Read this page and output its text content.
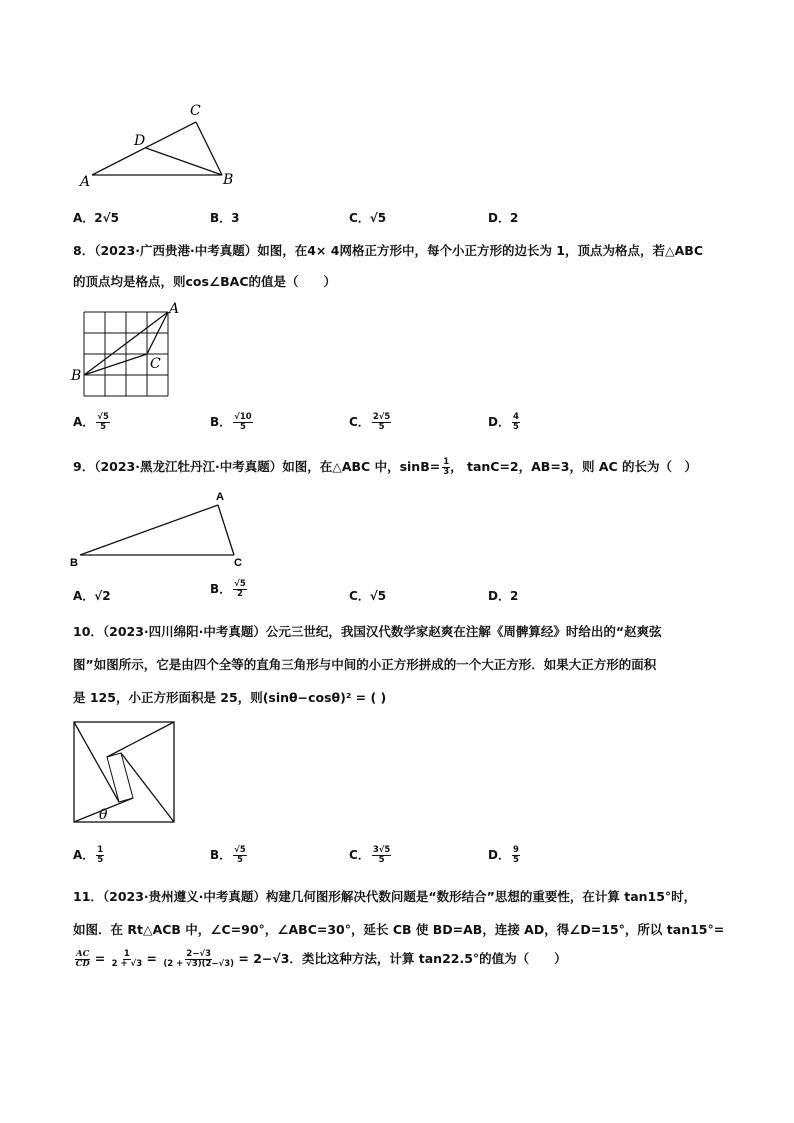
A	B
C
D
A．2√5	B．3	C．√5	D．2
8．（2023·广西贵港·中考真题）如图，在4× 4网格正方形中，每个小正方形的边长为 1，顶点为格点，若△ABC
的顶点均是格点，则cos∠BAC的值是（　　）
A
B
C
A． $\frac{√5}{5}$	B． $\frac{√10}{5}$	C． $\frac{2√5}{5}$	D． $\frac{4}{5}$
9．（2023·黑龙江牡丹江·中考真题）如图，在△ABC 中，$\sin B= \frac{1}{3}$ ， tanC=2，AB=3，则 AC 的长为（　）
A
B	C
A．√2	B． $\frac{√5}{2}$	C．√5	D．2
10．（2023·四川绵阳·中考真题）公元三世纪，我国汉代数学家赵爽在注解《周髀算经》时给出的“赵爽弦
图”如图所示，它是由四个全等的直角三角形与中间的小正方形拼成的一个大正方形．如果大正方形的面积
是 125，小正方形面积是 25，则(sinθ−cosθ)² = ( )
θ
A． $\frac{1}{5}$	B． $\frac{√5}{5}$	C． $\frac{3√5}{5}$	D． $\frac{9}{5}$
11．（2023·贵州遵义·中考真题）构建几何图形解决代数问题是“数形结合”思想的重要性，在计算 tan15°时，
如图．在 Rt△ACB 中，∠C=90°，∠ABC=30°，延长 CB 使 BD=AB，连接 AD，得∠D=15°，所以 tan15°=
$\frac{AC}{CD} = \frac{1}{2 + √3} = \frac{2-√3}{(2 + √3)(2-√3)} = 2-√3$．类比这种方法，计算 tan22.5°的值为（　　）
